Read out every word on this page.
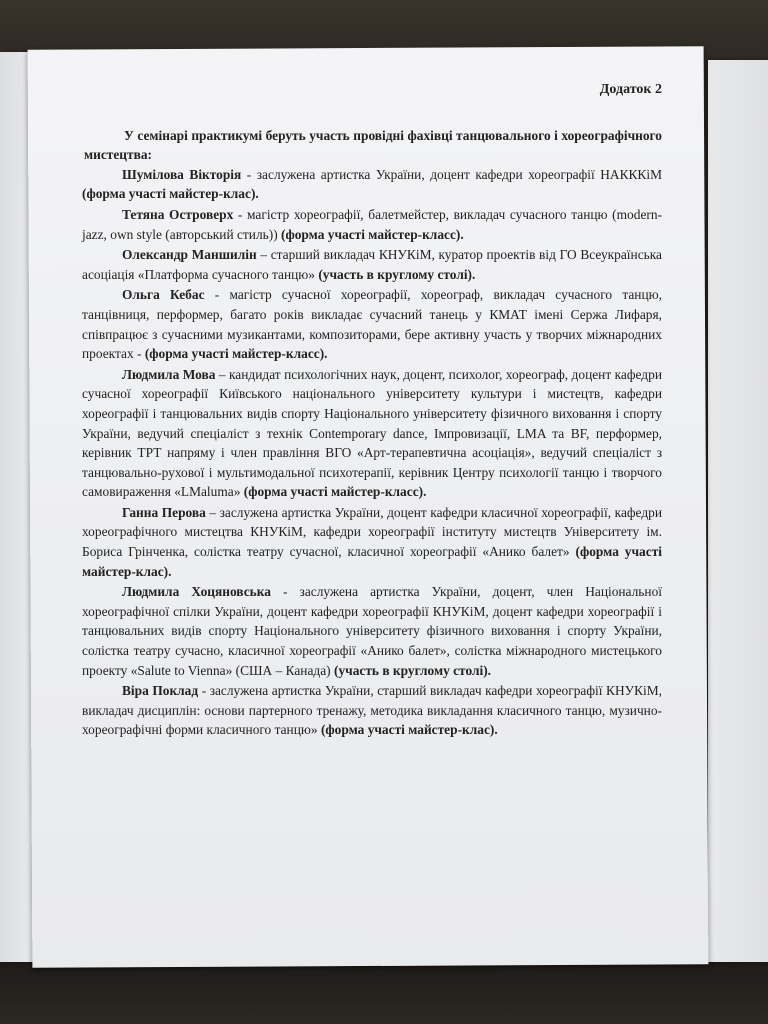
Додаток 2

У семінарі практикумі беруть участь провідні фахівці танцювального і хореографічного мистецтва:

Шумілова Вікторія - заслужена артистка України, доцент кафедри хореографії НАКККіМ (форма участі майстер-клас).

Тетяна Островерх - магістр хореографії, балетмейстер, викладач сучасного танцю (modern-jazz, own style (авторський стиль)) (форма участі майстер-класс).

Олександр Маншилін – старший викладач КНУКіМ, куратор проектів від ГО Всеукраїнська асоціація «Платформа сучасного танцю» (участь в круглому столі).

Ольга Кебас - магістр сучасної хореографії, хореограф, викладач сучасного танцю, танцівниця, перформер, багато років викладає сучасний танець у КМАТ імені Сержа Лифаря, співпрацює з сучасними музикантами, композиторами, бере активну участь у творчих міжнародних проектах - (форма участі майстер-класс).

Людмила Мова – кандидат психологічних наук, доцент, психолог, хореограф, доцент кафедри сучасної хореографії Київського національного університету культури і мистецтв, кафедри хореографії і танцювальних видів спорту Національного університету фізичного виховання і спорту України, ведучий спеціаліст з технік Contemporary dance, Імпровизації, LMA та BF, перформер, керівник ТРТ напряму і член правління ВГО «Арт-терапевтична асоціація», ведучий спеціаліст з танцювально-рухової і мультимодальної психотерапії, керівник Центру психології танцю і творчого самовираження «LMaluma» (форма участі майстер-класс).

Ганна Перова – заслужена артистка України, доцент кафедри класичної хореографії, кафедри хореографічного мистецтва КНУКіМ, кафедри хореографії інституту мистецтв Університету ім. Бориса Грінченка, солістка театру сучасної, класичної хореографії «Анико балет» (форма участі майстер-клас).

Людмила Хоцяновська - заслужена артистка України, доцент, член Національної хореографічної спілки України, доцент кафедри хореографії КНУКіМ, доцент кафедри хореографії і танцювальних видів спорту Національного університету фізичного виховання і спорту України, солістка театру сучасно, класичної хореографії «Анико балет», солістка міжнародного мистецького проекту «Salute to Vienna» (США – Канада) (участь в круглому столі).

Віра Поклад - заслужена артистка України, старший викладач кафедри хореографії КНУКіМ, викладач дисциплін: основи партерного тренажу, методика викладання класичного танцю, музично-хореографічні форми класичного танцю» (форма участі майстер-клас).
